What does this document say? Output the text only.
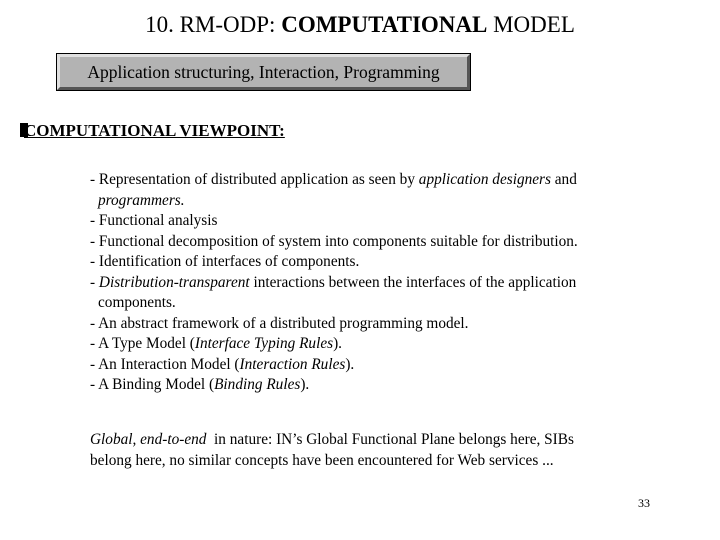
10. RM-ODP: COMPUTATIONAL MODEL
Application structuring, Interaction, Programming
COMPUTATIONAL VIEWPOINT:

- Representation of distributed application as seen by application designers and

programmers.

- Functional analysis

- Functional decomposition of system into components suitable for distribution.

- Identification of interfaces of components.

- Distribution-transparent interactions between the interfaces of the application

components.

- An abstract framework of a distributed programming model.

- A Type Model (Interface Typing Rules).

- An Interaction Model (Interaction Rules).

- A Binding Model (Binding Rules).

Global, end-to-end  in nature: IN’s Global Functional Plane belongs here, SIBs
belong here, no similar concepts have been encountered for Web services ...
33
